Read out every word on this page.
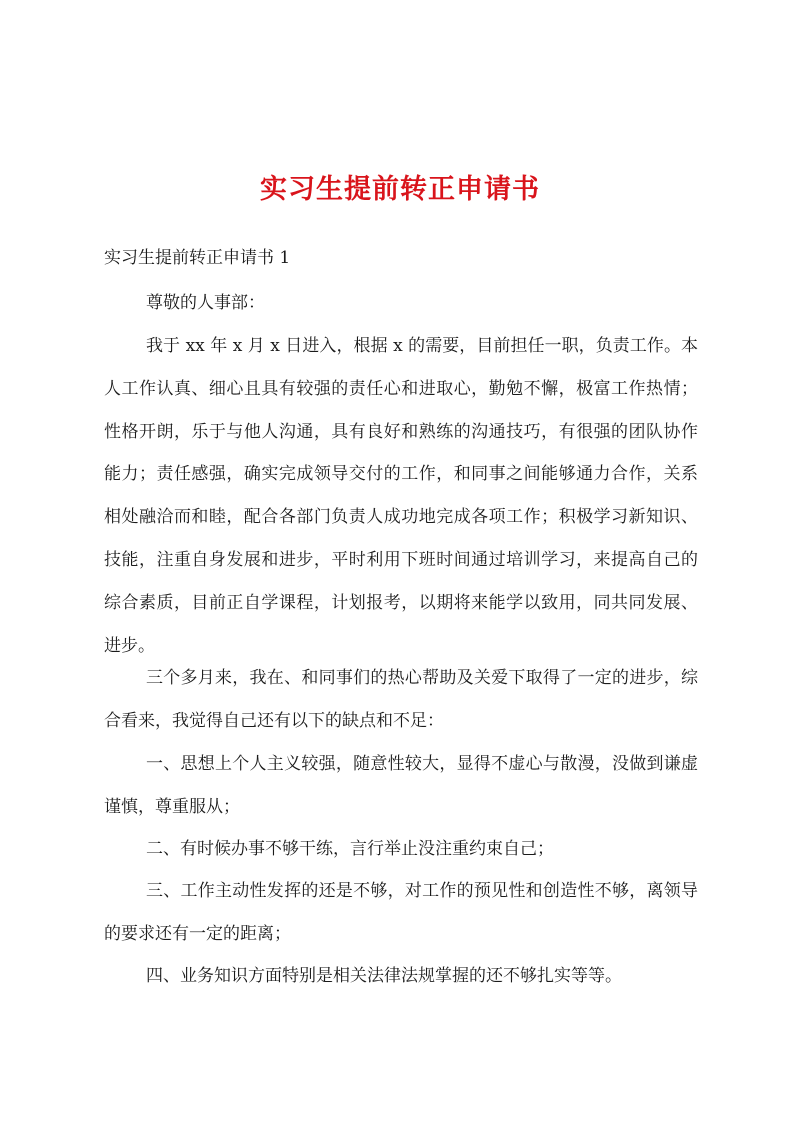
实习生提前转正申请书
实习生提前转正申请书 1
尊敬的人事部：
我于 xx 年 x 月 x 日进入，根据 x 的需要，目前担任一职，负责工作。本人工作认真、细心且具有较强的责任心和进取心，勤勉不懈，极富工作热情；性格开朗，乐于与他人沟通，具有良好和熟练的沟通技巧，有很强的团队协作能力；责任感强，确实完成领导交付的工作，和同事之间能够通力合作，关系相处融洽而和睦，配合各部门负责人成功地完成各项工作；积极学习新知识、技能，注重自身发展和进步，平时利用下班时间通过培训学习，来提高自己的综合素质，目前正自学课程，计划报考，以期将来能学以致用，同共同发展、进步。
三个多月来，我在、和同事们的热心帮助及关爱下取得了一定的进步，综合看来，我觉得自己还有以下的缺点和不足：
一、思想上个人主义较强，随意性较大，显得不虚心与散漫，没做到谦虚谨慎，尊重服从；
二、有时候办事不够干练，言行举止没注重约束自己；
三、工作主动性发挥的还是不够，对工作的预见性和创造性不够，离领导的要求还有一定的距离；
四、业务知识方面特别是相关法律法规掌握的还不够扎实等等。
